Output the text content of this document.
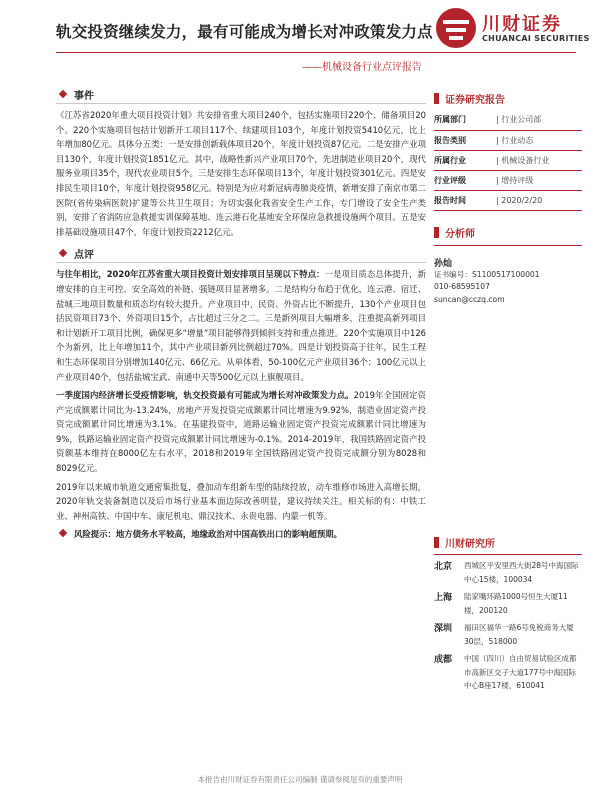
轨交投资继续发力，最有可能成为增长对冲政策发力点	川财证券
CHUANCAI SECURITIES
——机械设备行业点评报告
事件

《江苏省2020年重大项目投资计划》共安排省重大项目240个，包括实施项目220个、储备项目20个。220个实施项目包括计划新开工项目117个、续建项目103个，年度计划投资5410亿元，比上年增加80亿元。具体分五类：一是安排创新载体项目20个，年度计划投资87亿元。二是安排产业项目130个，年度计划投资1851亿元。其中，战略性新兴产业项目70个，先进制造业项目20个，现代服务业项目35个，现代农业项目5个。三是安排生态环保项目13个，年度计划投资301亿元。四是安排民生项目10个，年度计划投资958亿元。特别是为应对新冠病毒肺炎疫情，新增安排了南京市第二医院(省传染病医院)扩建等公共卫生项目；为切实强化我省安全生产工作，专门增设了安全生产类别，安排了省消防应急救援实训保障基地、连云港石化基地安全环保应急救援设施两个项目。五是安排基础设施项目47个，年度计划投资2212亿元。

点评

与往年相比，2020年江苏省重大项目投资计划安排项目呈现以下特点：一是项目质态总体提升，新增安排的自主可控、安全高效的补链、强链项目显著增多。二是结构分布趋于优化，连云港、宿迁、盐城三地项目数量和质态均有较大提升。产业项目中，民资、外资占比不断提升，130个产业项目包括民资项目73个、外资项目15个，占比超过三分之二。三是新列项目大幅增多，注重提高新列项目和计划新开工项目比例，确保更多“增量”项目能够得到倾斜支持和重点推进。220个实施项目中126个为新列，比上年增加11个，其中产业项目新列比例超过70%。四是计划投资高于往年，民生工程和生态环保项目分别增加140亿元、66亿元。从单体看，50-100亿元产业项目36个；100亿元以上产业项目40个，包括盐城宝武、南通中天等500亿元以上旗舰项目。

一季度国内经济增长受疫情影响，轨交投资最有可能成为增长对冲政策发力点。2019年全国固定资产完成额累计同比为-13.24%，房地产开发投资完成额累计同比增速为9.92%，制造业固定资产投资完成额累计同比增速为3.1%。在基建投资中，道路运输业固定资产投资完成额累计同比增速为9%，铁路运输业固定资产投资完成额累计同比增速为-0.1%。2014-2019年，我国铁路固定资产投资额基本维持在8000亿左右水平，2018和2019年全国铁路固定资产投资完成额分别为8028和8029亿元。

2019年以来城市轨道交通密集批复，叠加动车组新车型的陆续投放，动车维修市场进入高增长期，2020年轨交装备制造以及后市场行业基本面边际改善明显，建议持续关注。相关标的有：中铁工业、神州高铁、中国中车、康尼机电、鼎汉技术、永贵电器、内蒙一机等。

风险提示：地方债务水平较高，地缘政治对中国高铁出口的影响超预期。

证券研究报告
所属部门	| 行业公司部
报告类别	| 行业动态
所属行业	| 机械设备行业
行业评级	| 增持评级
报告时间	| 2020/2/20
分析师
孙灿
证书编号：S1100517100001
010-68595107
suncan@cczq.com
川财研究所
北京	西城区平安里西大街28号中海国际中心15楼，100034
上海	陆家嘴环路1000号恒生大厦11楼，200120
深圳	福田区福华一路6号免税商务大厦30层，518000
成都	中国（四川）自由贸易试验区成都市高新区交子大道177号中海国际中心B座17楼，610041
本报告由川财证券有限责任公司编制 谨请参阅尾页的重要声明
